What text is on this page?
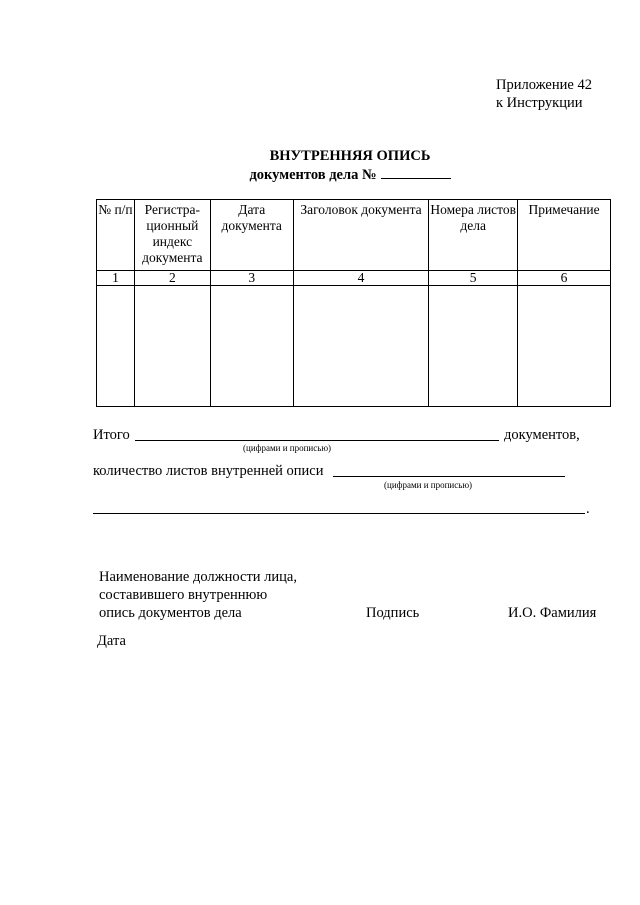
Приложение 42
к Инструкции
ВНУТРЕННЯЯ ОПИСЬ
документов дела №
№ п/п	Регистра-ционный индекс документа	Дата документа	Заголовок документа	Номера листов дела	Примечание
1	2	3	4	5	6

Итого	документов,
(цифрами и прописью)
количество листов внутренней описи
(цифрами и прописью)
.
Наименование должности лица,
составившего внутреннюю
опись документов дела	Подпись	И.О. Фамилия
Дата
